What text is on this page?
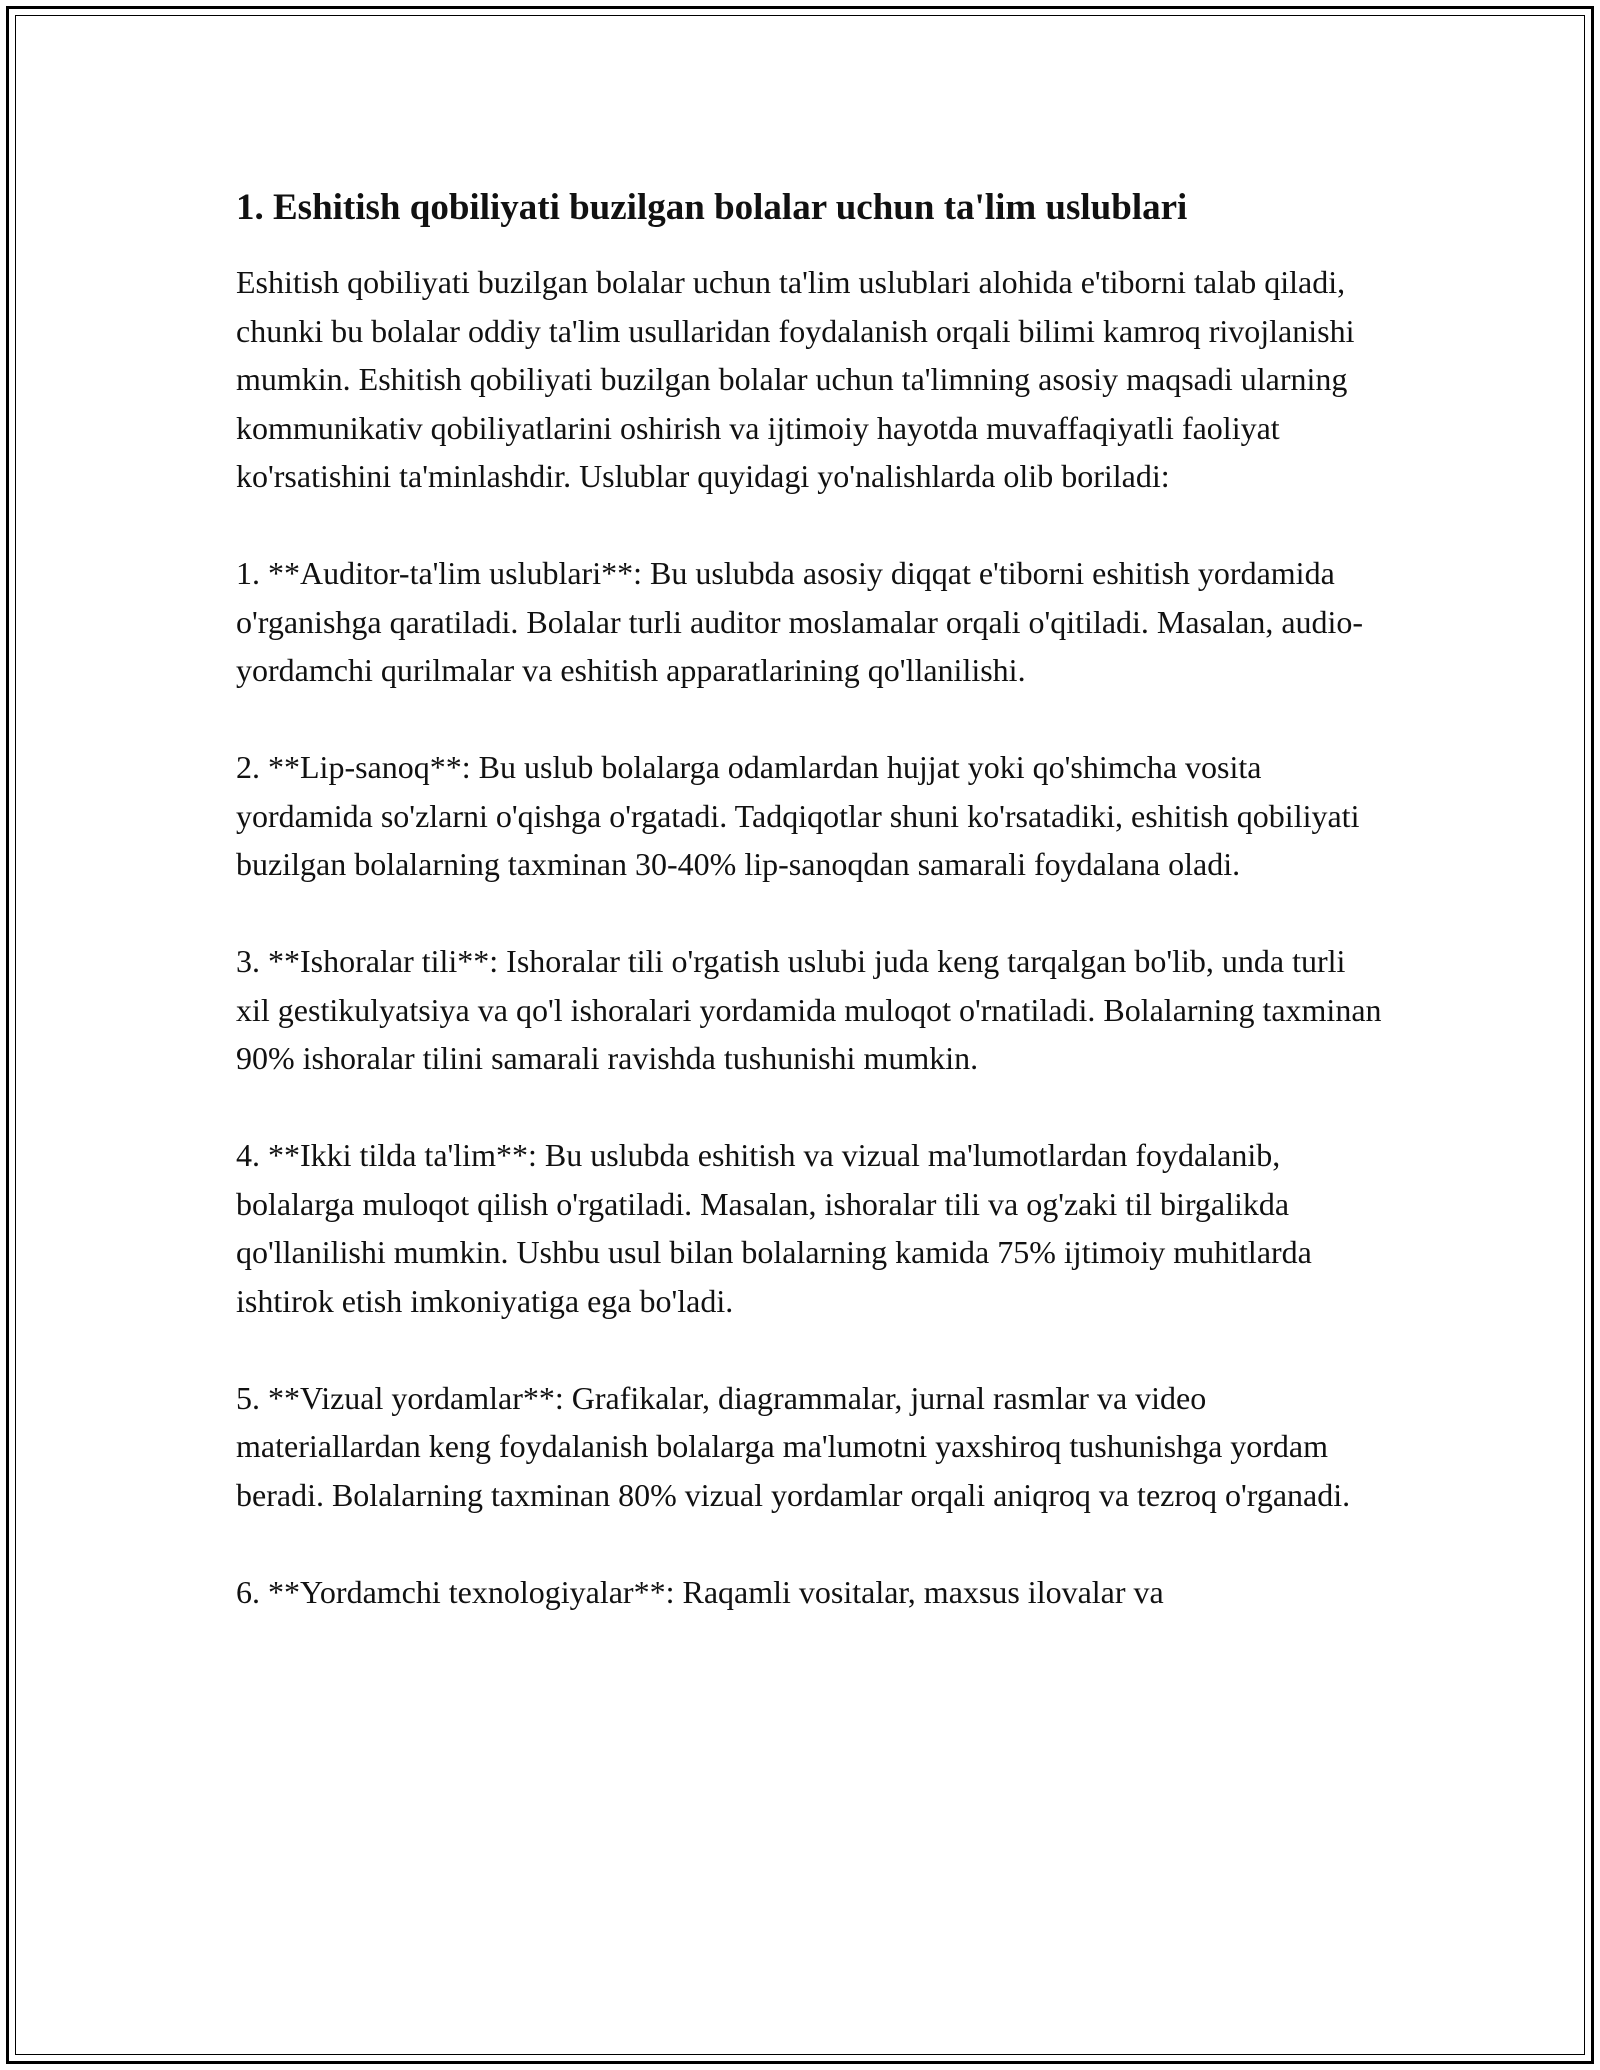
1. Eshitish qobiliyati buzilgan bolalar uchun ta'lim uslublari

Eshitish qobiliyati buzilgan bolalar uchun ta'lim uslublari alohida e'tiborni talab qiladi, chunki bu bolalar oddiy ta'lim usullaridan foydalanish orqali bilimi kamroq rivojlanishi mumkin. Eshitish qobiliyati buzilgan bolalar uchun ta'limning asosiy maqsadi ularning kommunikativ qobiliyatlarini oshirish va ijtimoiy hayotda muvaffaqiyatli faoliyat ko'rsatishini ta'minlashdir. Uslublar quyidagi yo'nalishlarda olib boriladi:

1. **Auditor-ta'lim uslublari**: Bu uslubda asosiy diqqat e'tiborni eshitish yordamida o'rganishga qaratiladi. Bolalar turli auditor moslamalar orqali o'qitiladi. Masalan, audio-yordamchi qurilmalar va eshitish apparatlarining qo'llanilishi.

2. **Lip-sanoq**: Bu uslub bolalarga odamlardan hujjat yoki qo'shimcha vosita yordamida so'zlarni o'qishga o'rgatadi. Tadqiqotlar shuni ko'rsatadiki, eshitish qobiliyati buzilgan bolalarning taxminan 30-40% lip-sanoqdan samarali foydalana oladi.

3. **Ishoralar tili**: Ishoralar tili o'rgatish uslubi juda keng tarqalgan bo'lib, unda turli xil gestikulyatsiya va qo'l ishoralari yordamida muloqot o'rnatiladi. Bolalarning taxminan 90% ishoralar tilini samarali ravishda tushunishi mumkin.

4. **Ikki tilda ta'lim**: Bu uslubda eshitish va vizual ma'lumotlardan foydalanib, bolalarga muloqot qilish o'rgatiladi. Masalan, ishoralar tili va og'zaki til birgalikda qo'llanilishi mumkin. Ushbu usul bilan bolalarning kamida 75% ijtimoiy muhitlarda ishtirok etish imkoniyatiga ega bo'ladi.

5. **Vizual yordamlar**: Grafikalar, diagrammalar, jurnal rasmlar va video materiallardan keng foydalanish bolalarga ma'lumotni yaxshiroq tushunishga yordam beradi. Bolalarning taxminan 80% vizual yordamlar orqali aniqroq va tezroq o'rganadi.

6. **Yordamchi texnologiyalar**: Raqamli vositalar, maxsus ilovalar va
